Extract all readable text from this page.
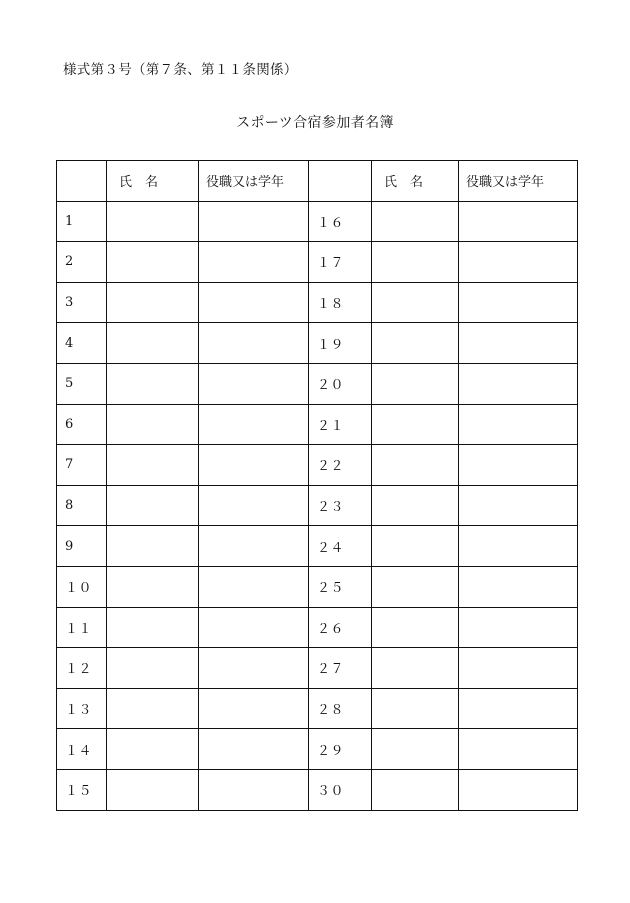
様式第３号（第７条、第１１条関係）
スポーツ合宿参加者名簿
	氏　名	役職又は学年		氏　名	役職又は学年
1			１６		
2			１７		
3			１８		
4			１９		
5			２０		
6			２１		
7			２２		
8			２３		
9			２４		
１０			２５		
１１			２６		
１２			２７		
１３			２８		
１４			２９		
１５			３０		
